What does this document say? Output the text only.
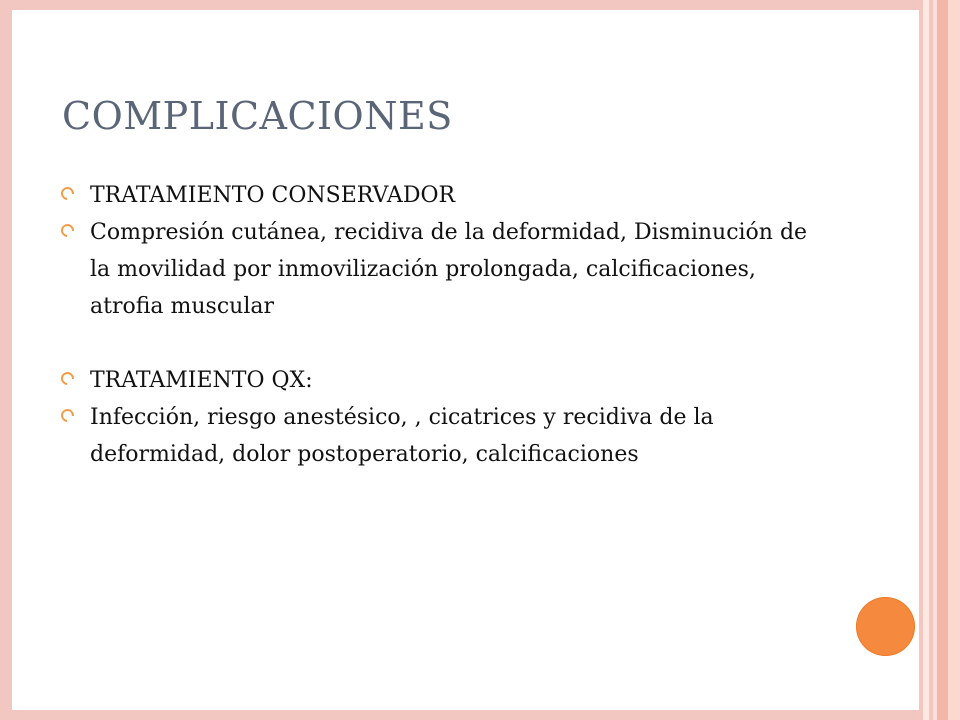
COMPLICACIONES
TRATAMIENTO CONSERVADOR
Compresión cutánea, recidiva de la deformidad, Disminución de la movilidad por inmovilización prolongada, calcificaciones, atrofia muscular
TRATAMIENTO QX:
Infección, riesgo anestésico, , cicatrices y recidiva de la deformidad, dolor postoperatorio, calcificaciones
